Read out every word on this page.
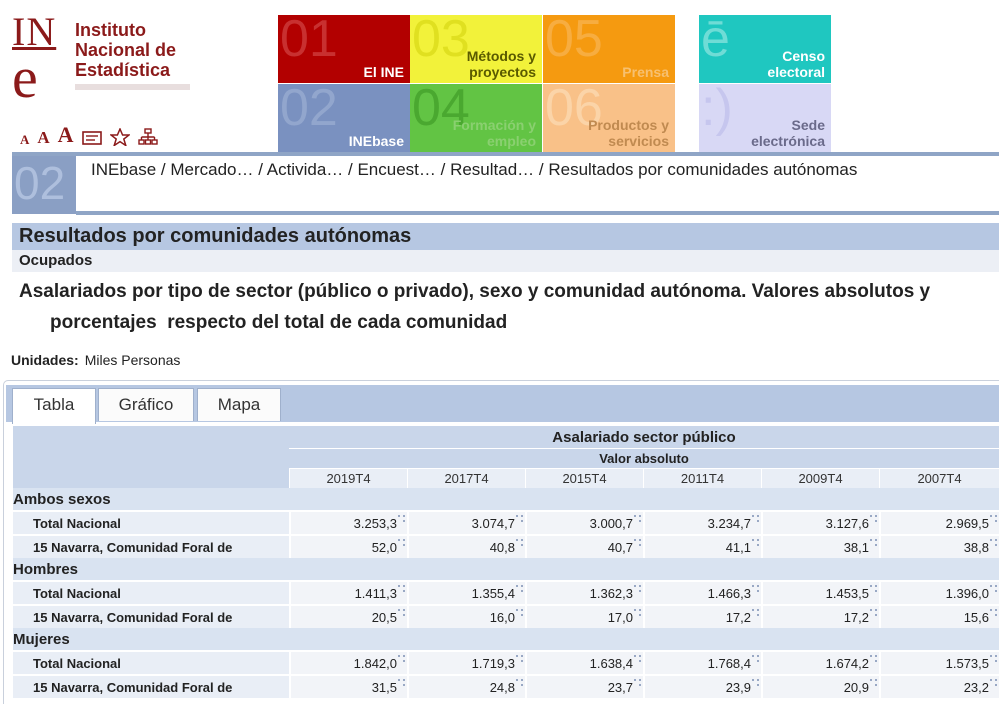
IN
e
Instituto
Nacional de
Estadística
A A A
01
El INE
03
Métodos y proyectos
05
Prensa
ē	Censo electoral
02
INEbase
04
Formación y empleo
06
Productos y servicios
:)	Sede electrónica
02 INEbase / Mercado… / Activida… / Encuest… / Resultad… / Resultados por comunidades autónomas
Resultados por comunidades autónomas
Ocupados
Asalariados por tipo de sector (público o privado), sexo y comunidad autónoma. Valores absolutos y
porcentajes  respecto del total de cada comunidad
Unidades: Miles Personas
Tabla	Gráfico	Mapa
	Asalariado sector público					
	Valor absoluto					
	2019T4	2017T4	2015T4	2011T4	2009T4	2007T4
Ambos sexos						
Total Nacional	3.253,3	3.074,7	3.000,7	3.234,7	3.127,6	2.969,5
15 Navarra, Comunidad Foral de	52,0	40,8	40,7	41,1	38,1	38,8
Hombres						
Total Nacional	1.411,3	1.355,4	1.362,3	1.466,3	1.453,5	1.396,0
15 Navarra, Comunidad Foral de	20,5	16,0	17,0	17,2	17,2	15,6
Mujeres						
Total Nacional	1.842,0	1.719,3	1.638,4	1.768,4	1.674,2	1.573,5
15 Navarra, Comunidad Foral de	31,5	24,8	23,7	23,9	20,9	23,2
